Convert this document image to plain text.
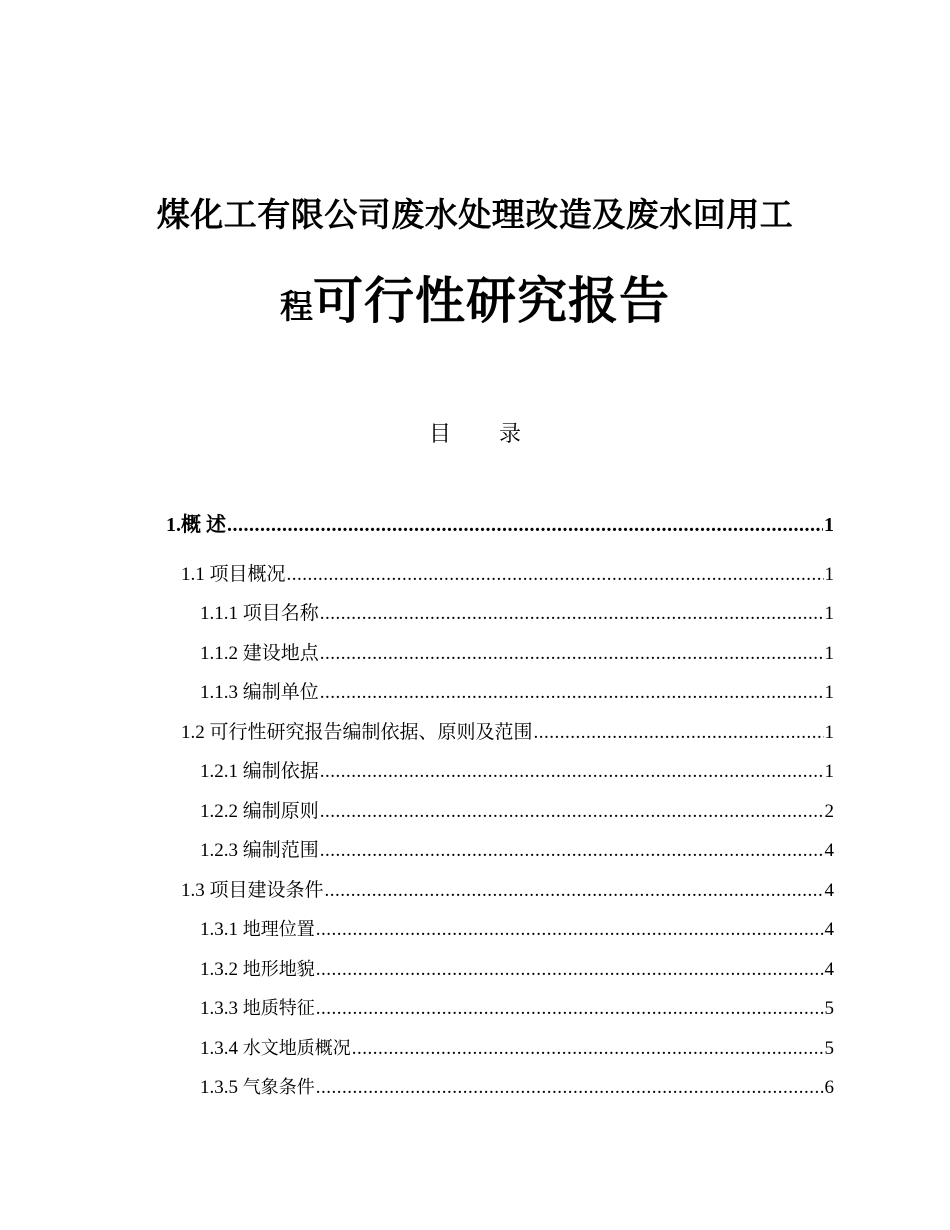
煤化工有限公司废水处理改造及废水回用工
程可行性研究报告
目 录
1.概 述 .....	1
1.1 项目概况 .....	1
1.1.1 项目名称 .....	1
1.1.2 建设地点 .....	1
1.1.3 编制单位 .....	1
1.2 可行性研究报告编制依据、原则及范围 .....	1
1.2.1 编制依据 .....	1
1.2.2 编制原则 .....	2
1.2.3 编制范围 .....	4
1.3 项目建设条件 .....	4
1.3.1 地理位置 .....	4
1.3.2 地形地貌 .....	4
1.3.3 地质特征 .....	5
1.3.4 水文地质概况 .....	5
1.3.5 气象条件 .....	6
